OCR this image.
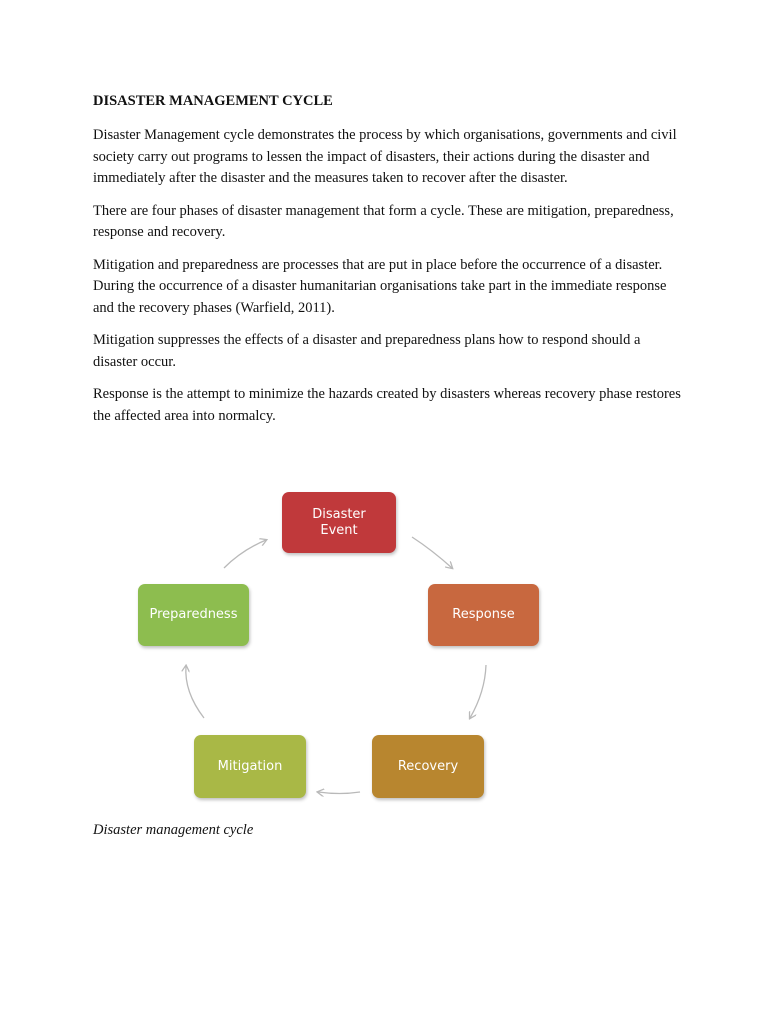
DISASTER MANAGEMENT CYCLE

Disaster Management cycle demonstrates the process by which organisations, governments and civil society carry out programs to lessen the impact of disasters, their actions during the disaster and immediately after the disaster and the measures taken to recover after the disaster.

There are four phases of disaster management that form a cycle. These are mitigation, preparedness, response and recovery.

Mitigation and preparedness are processes that are put in place before the occurrence of a disaster. During the occurrence of a disaster humanitarian organisations take part in the immediate response and the recovery phases (Warfield, 2011).

Mitigation suppresses the effects of a disaster and preparedness plans how to respond should a disaster occur.

Response is the attempt to minimize the hazards created by disasters whereas recovery phase restores the affected area into normalcy.

Disaster
Event
Response
Recovery
Mitigation
Preparedness
Disaster management cycle
